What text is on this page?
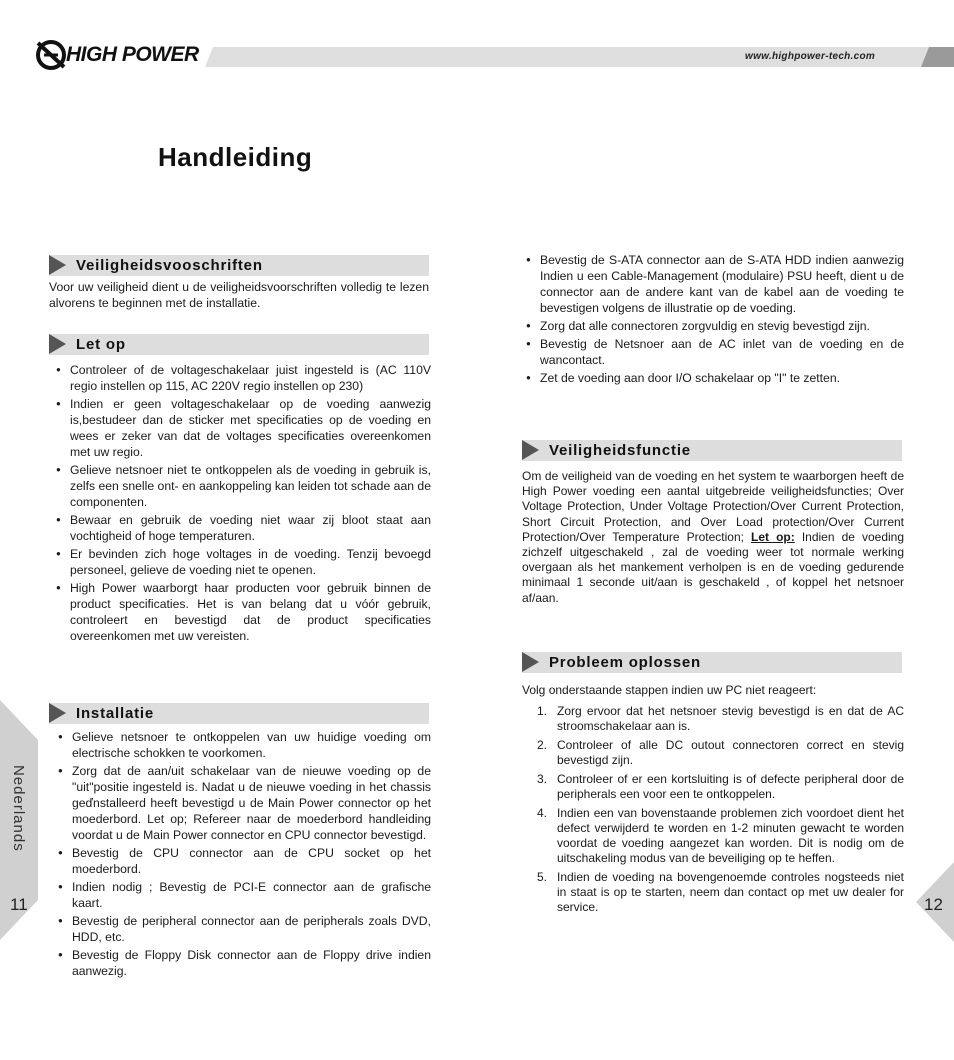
HIGH POWER	www.highpower-tech.com
Handleiding
Veiligheidsvooschriften

Voor uw veiligheid dient u de veiligheidsvoorschriften volledig te lezen alvorens te beginnen met de installatie.

Let op
● Controleer of de voltageschakelaar juist ingesteld is (AC 110V regio instellen op 115, AC 220V regio instellen op 230)
● Indien er geen voltageschakelaar op de voeding aanwezig is,bestudeer dan de sticker met specificaties op de voeding en wees er zeker van dat de voltages specificaties overeenkomen met uw regio.
● Gelieve netsnoer niet te ontkoppelen als de voeding in gebruik is, zelfs een snelle ont- en aankoppeling kan leiden tot schade aan de componenten.
● Bewaar en gebruik de voeding niet waar zij bloot staat aan vochtigheid of hoge temperaturen.
● Er bevinden zich hoge voltages in de voeding. Tenzij bevoegd personeel, gelieve de voeding niet te openen.
● High Power waarborgt haar producten voor gebruik binnen de product specificaties. Het is van belang dat u vóór gebruik, controleert en bevestigd dat de product specificaties overeenkomen met uw vereisten.
Installatie
● Gelieve netsnoer te ontkoppelen van uw huidige voeding om electrische schokken te voorkomen.
● Zorg dat de aan/uit schakelaar van de nieuwe voeding op de "uit"positie ingesteld is. Nadat u de nieuwe voeding in het chassis geďnstalleerd heeft bevestigd u de Main Power connector op het moederbord. Let op; Refereer naar de moederbord handleiding voordat u de Main Power connector en CPU connector bevestigd.
● Bevestig de CPU connector aan de CPU socket op het moederbord.
● Indien nodig ; Bevestig de PCI-E connector aan de grafische kaart.
● Bevestig de peripheral connector aan de peripherals zoals DVD, HDD, etc.
● Bevestig de Floppy Disk connector aan de Floppy drive indien aanwezig.
● Bevestig de S-ATA connector aan de S-ATA HDD indien aanwezig Indien u een Cable-Management (modulaire) PSU heeft, dient u de connector aan de andere kant van de kabel aan de voeding te bevestigen volgens de illustratie op de voeding.
● Zorg dat alle connectoren zorgvuldig en stevig bevestigd zijn.
● Bevestig de Netsnoer aan de AC inlet van de voeding en de wancontact.
● Zet de voeding aan door I/O schakelaar op "I" te zetten.
Veiligheidsfunctie

Om de veiligheid van de voeding en het system te waarborgen heeft de High Power voeding een aantal uitgebreide veiligheidsfuncties; Over Voltage Protection, Under Voltage Protection/Over Current Protection, Short Circuit Protection, and Over Load protection/Over Current Protection/Over Temperature Protection; Let op: Indien de voeding zichzelf uitgeschakeld , zal de voeding weer tot normale werking overgaan als het mankement verholpen is en de voeding gedurende minimaal 1 seconde uit/aan is geschakeld , of koppel het netsnoer af/aan.

Probleem oplossen

Volg onderstaande stappen indien uw PC niet reageert:

1. Zorg ervoor dat het netsnoer stevig bevestigd is en dat de AC stroomschakelaar aan is.
2. Controleer of alle DC outout connectoren correct en stevig bevestigd zijn.
3. Controleer of er een kortsluiting is of defecte peripheral door de peripherals een voor een te ontkoppelen.
4. Indien een van bovenstaande problemen zich voordoet dient het defect verwijderd te worden en 1-2 minuten gewacht te worden voordat de voeding aangezet kan worden. Dit is nodig om de uitschakeling modus van de beveiliging op te heffen.
5. Indien de voeding na bovengenoemde controles nogsteeds niet in staat is op te starten, neem dan contact op met uw dealer for service.
Nederlands
11	12
